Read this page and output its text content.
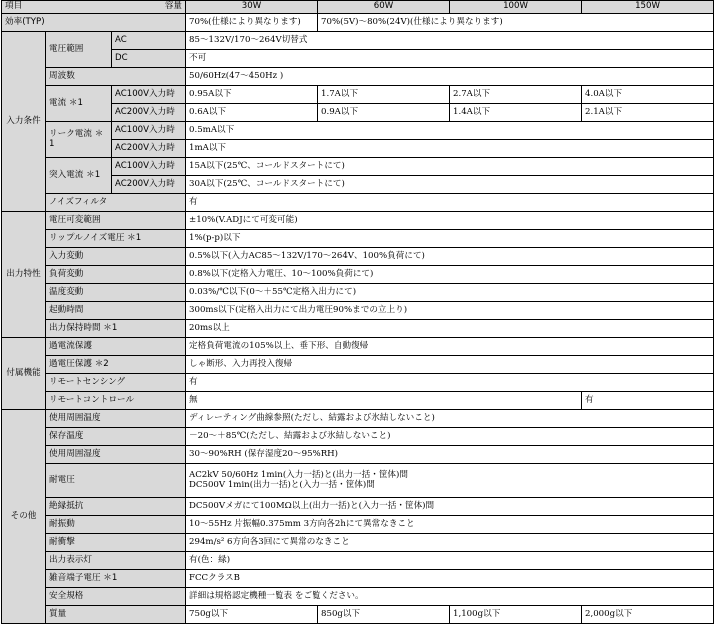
項目 容量			30W	60W	100W	150W
効率(TYP)			70%(仕様により異なります)	70%(5V)～80%(24V)(仕様により異なります)		
入力条件	電圧範囲	AC	85～132V/170～264V切替式			
		DC	不可			
	周波数		50/60Hz(47～450Hz )			
	電流 ＊1	AC100V入力時	0.95A以下	1.7A以下	2.7A以下	4.0A以下
		AC200V入力時	0.6A以下	0.9A以下	1.4A以下	2.1A以下
	リーク電流 ＊1	AC100V入力時	0.5mA以下			
		AC200V入力時	1mA以下			
	突入電流 ＊1	AC100V入力時	15A以下(25℃、コールドスタートにて)			
		AC200V入力時	30A以下(25℃、コールドスタートにて)			
	ノイズフィルタ		有			
出力特性	電圧可変範囲		±10%(V.ADJにて可変可能)			
	リップルノイズ電圧 ＊1		1%(p-p)以下			
	入力変動		0.5%以下(入力AC85～132V/170～264V、100%負荷にて)			
	負荷変動		0.8%以下(定格入力電圧、10～100%負荷にて)			
	温度変動		0.03%/℃以下(0～＋55℃定格入出力にて)			
	起動時間		300ms以下(定格入出力にて出力電圧90%までの立上り)			
	出力保持時間 ＊1		20ms以上			
付属機能	過電流保護		定格負荷電流の105%以上、垂下形、自動復帰			
	過電圧保護 ＊2		しゃ断形、入力再投入復帰			
	リモートセンシング		有			
	リモートコントロール		無			有
その他	使用周囲温度		ディレーティング曲線参照(ただし、結露および氷結しないこと)			
	保存温度		－20～＋85℃(ただし、結露および氷結しないこと)			
	使用周囲湿度		30～90%RH (保存湿度20～95%RH)			
	耐電圧		AC2kV 50/60Hz 1min(入力一括)と(出力一括・筐体)間
DC500V 1min(出力一括)と(入力一括・筐体)間			
	絶縁抵抗		DC500Vメガにて100MΩ以上(出力一括)と(入力一括・筐体)間			
	耐振動		10～55Hz 片振幅0.375mm 3方向各2hにて異常なきこと			
	耐衝撃		294m/s² 6方向各3回にて異常のなきこと			
	出力表示灯		有(色：緑)			
	雑音端子電圧 ＊1		FCCクラスB			
	安全規格		詳細は規格認定機種一覧表 をご覧ください。			
	質量		750g以下	850g以下	1,100g以下	2,000g以下
